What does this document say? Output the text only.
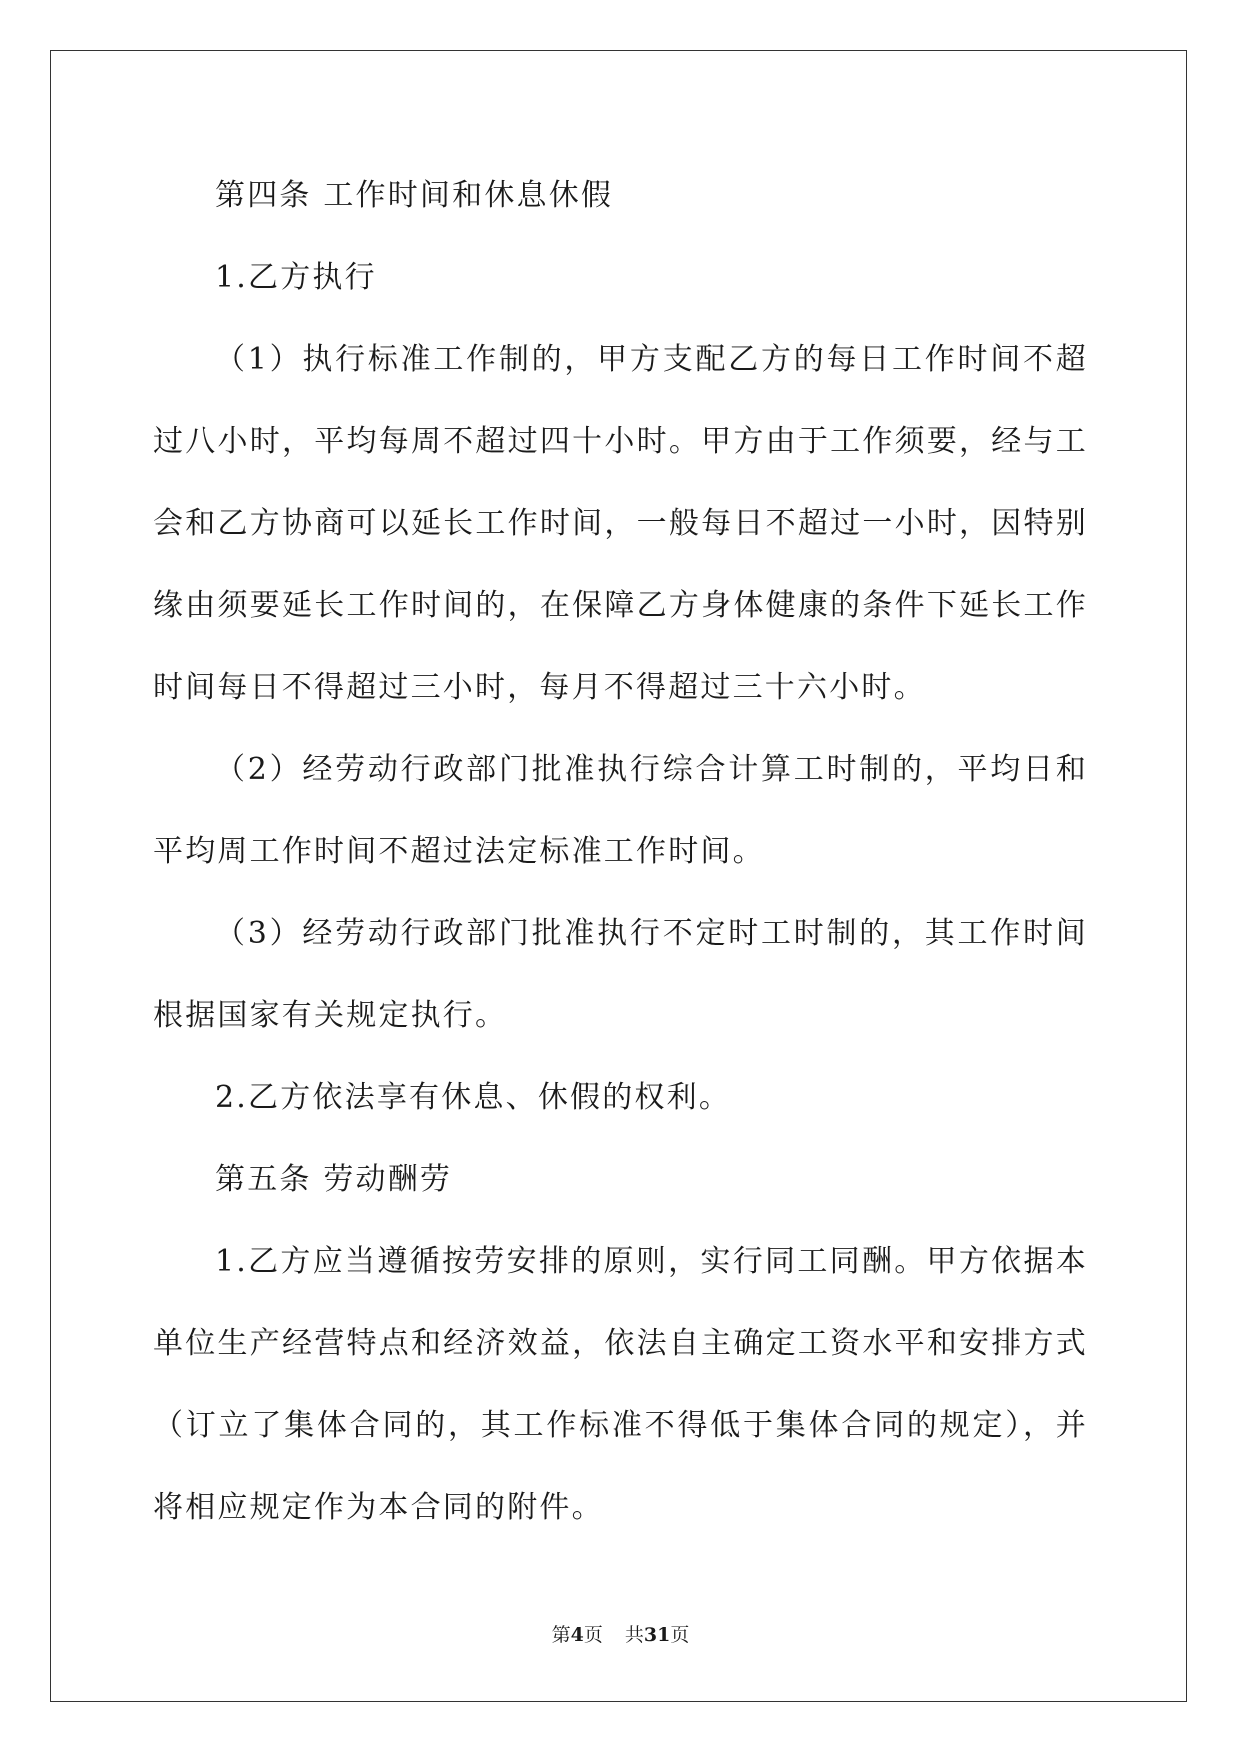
第四条 工作时间和休息休假

1.乙方执行

（1）执行标准工作制的，甲方支配乙方的每日工作时间不超过八小时，平均每周不超过四十小时。甲方由于工作须要，经与工会和乙方协商可以延长工作时间，一般每日不超过一小时，因特别缘由须要延长工作时间的，在保障乙方身体健康的条件下延长工作时间每日不得超过三小时，每月不得超过三十六小时。

（2）经劳动行政部门批准执行综合计算工时制的，平均日和平均周工作时间不超过法定标准工作时间。

（3）经劳动行政部门批准执行不定时工时制的，其工作时间根据国家有关规定执行。

2.乙方依法享有休息、休假的权利。

第五条 劳动酬劳

1.乙方应当遵循按劳安排的原则，实行同工同酬。甲方依据本单位生产经营特点和经济效益，依法自主确定工资水平和安排方式（订立了集体合同的，其工作标准不得低于集体合同的规定），并将相应规定作为本合同的附件。

第4页 共31页
